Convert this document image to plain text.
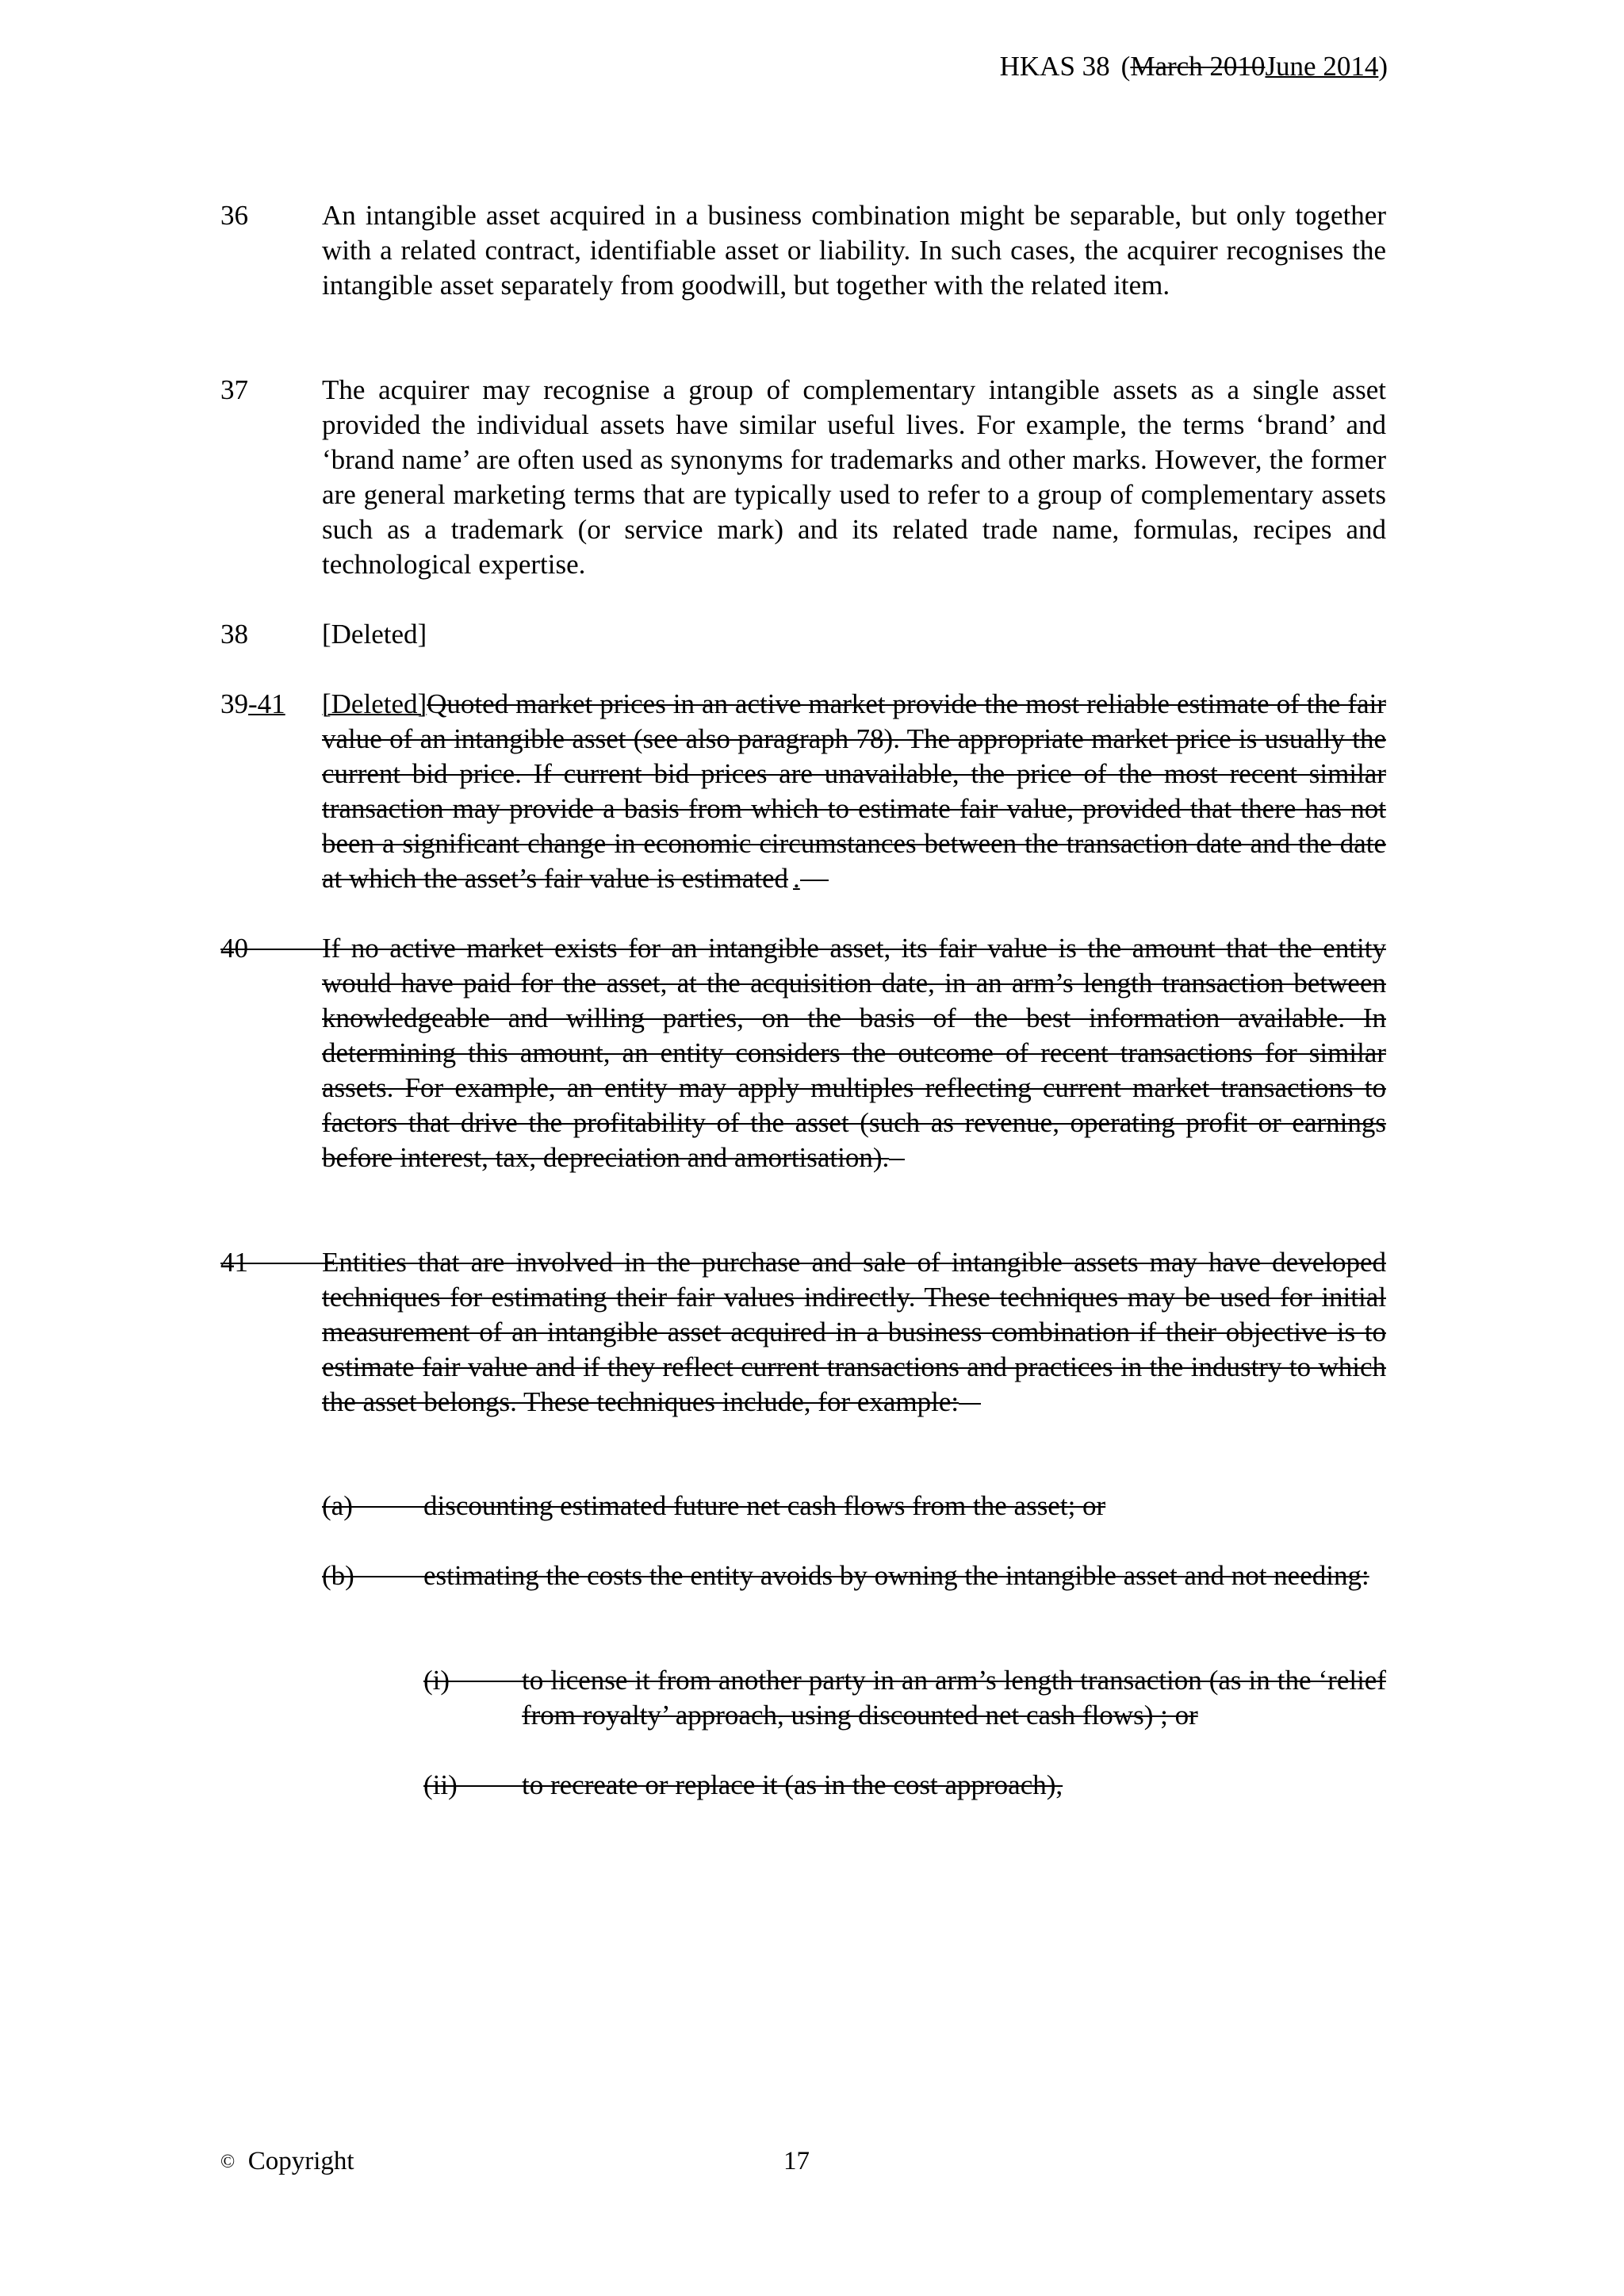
HKAS 38 (March 2010June 2014)
36	An intangible asset acquired in a business combination might be separable, but only together with a related contract, identifiable asset or liability. In such cases, the acquirer recognises the intangible asset separately from goodwill, but together with the related item.

37	The acquirer may recognise a group of complementary intangible assets as a single asset provided the individual assets have similar useful lives. For example, the terms ‘brand’ and ‘brand name’ are often used as synonyms for trademarks and other marks. However, the former are general marketing terms that are typically used to refer to a group of complementary assets such as a trademark (or service mark) and its related trade name, formulas, recipes and technological expertise.

38	[Deleted]

39-41 [Deleted]Quoted market prices in an active market provide the most reliable estimate of the fair value of an intangible asset (see also paragraph 78). The appropriate market price is usually the current bid price. If current bid prices are unavailable, the price of the most recent similar transaction may provide a basis from which to estimate fair value, provided that there has not been a significant change in economic circumstances between the transaction date and the date at which the asset’s fair value is estimated .

40	If no active market exists for an intangible asset, its fair value is the amount that the entity would have paid for the asset, at the acquisition date, in an arm’s length transaction between knowledgeable and willing parties, on the basis of the best information available. In determining this amount, an entity considers the outcome of recent transactions for similar assets. For example, an entity may apply multiples reflecting current market transactions to factors that drive the profitability of the asset (such as revenue, operating profit or earnings before interest, tax, depreciation and amortisation).

41	Entities that are involved in the purchase and sale of intangible assets may have developed techniques for estimating their fair values indirectly. These techniques may be used for initial measurement of an intangible asset acquired in a business combination if their objective is to estimate fair value and if they reflect current transactions and practices in the industry to which the asset belongs. These techniques include, for example:

(a)	discounting estimated future net cash flows from the asset; or

(b) estimating the costs the entity avoids by owning the intangible asset and not needing:

(i)	to license it from another party in an arm’s length transaction (as in the ‘relief from royalty’ approach, using discounted net cash flows) ; or

(ii) to recreate or replace it (as in the cost approach),

© Copyright	17
